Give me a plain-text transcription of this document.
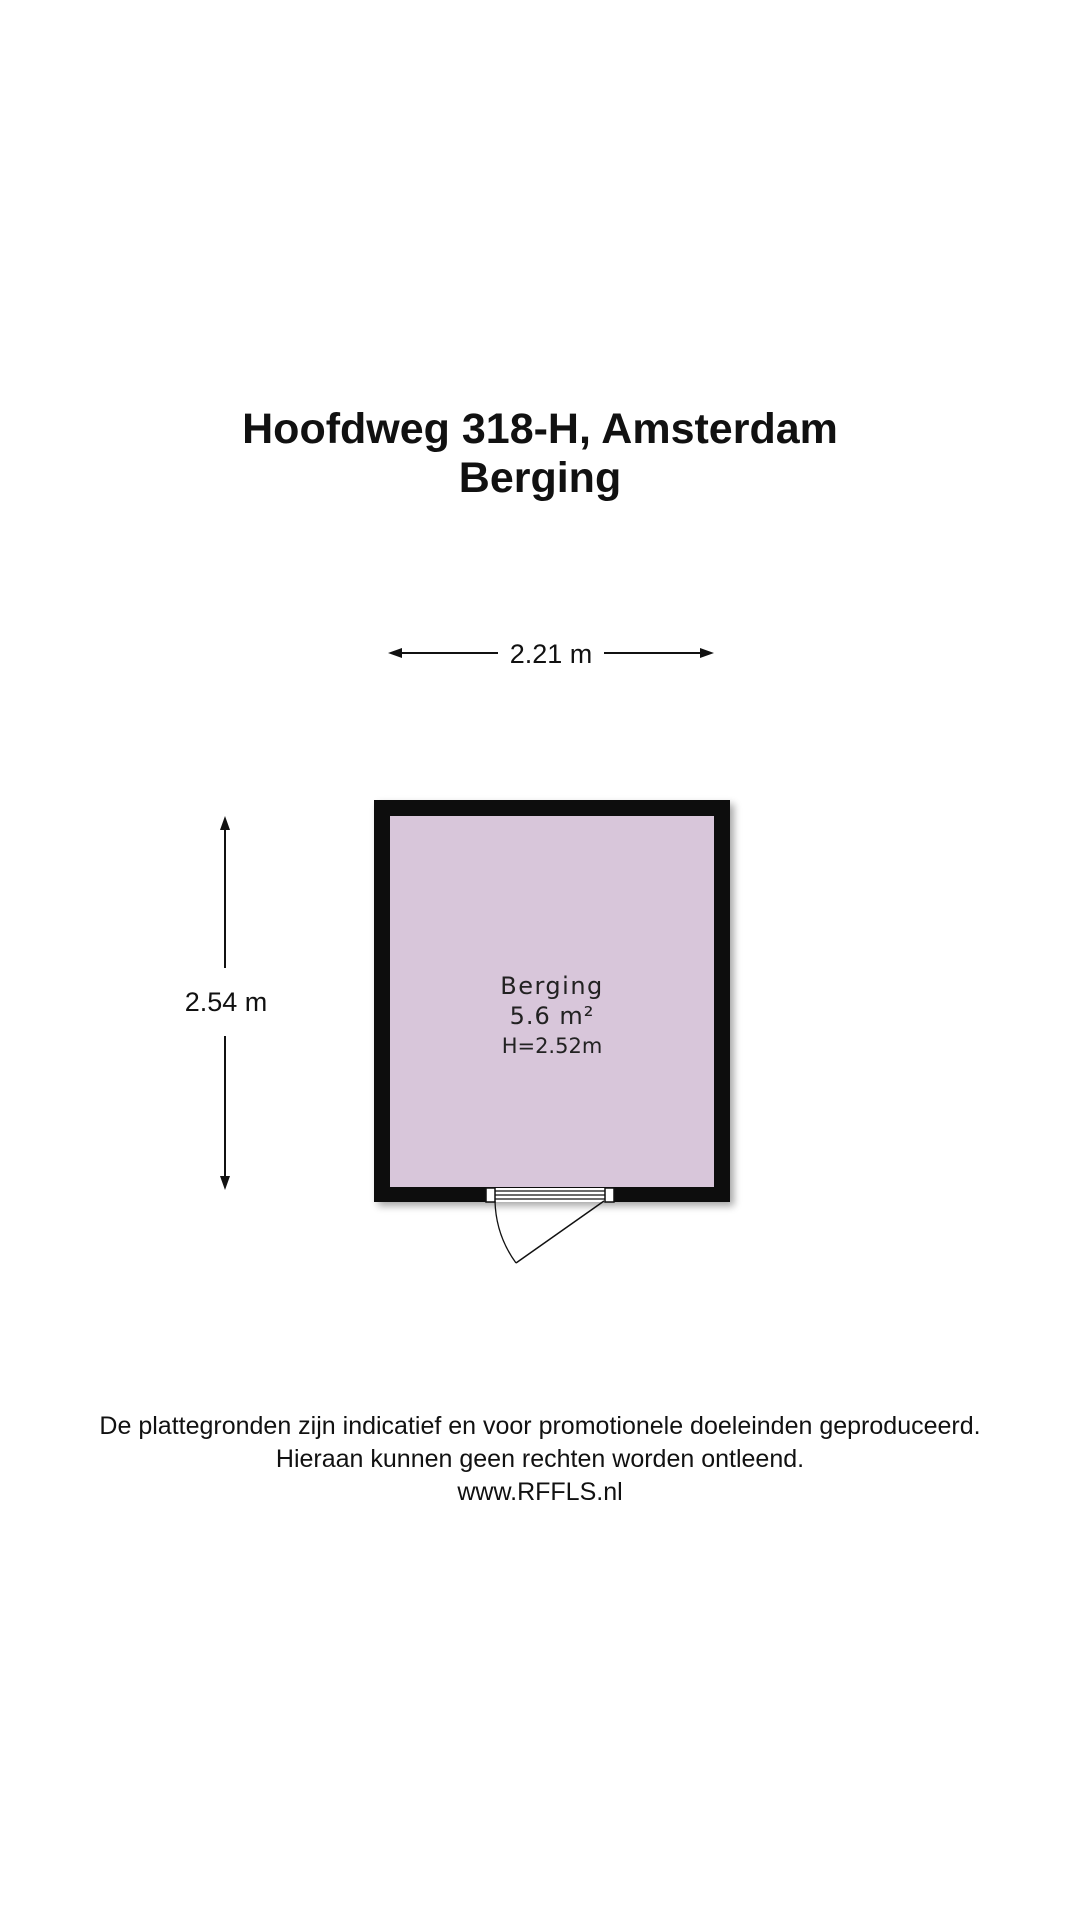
Hoofdweg 318-H, Amsterdam
Berging
2.21 m
2.54 m
Berging
5.6 m²
H=2.52m
De plattegronden zijn indicatief en voor promotionele doeleinden geproduceerd.
Hieraan kunnen geen rechten worden ontleend.
www.RFFLS.nl
